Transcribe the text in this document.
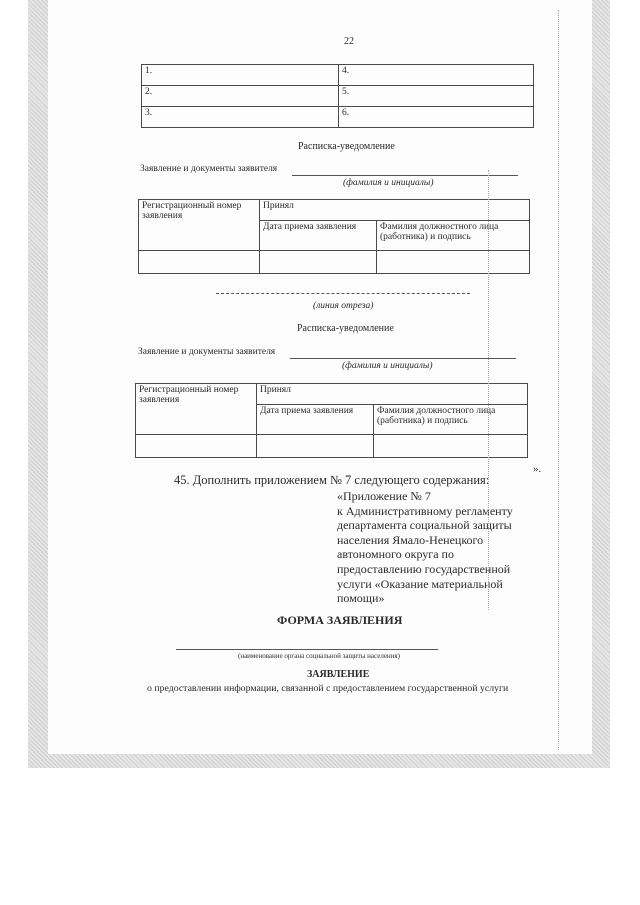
22
1.	4.
2.	5.
3.	6.
Расписка-уведомление
Заявление и документы заявителя
(фамилия и инициалы)
Регистрационный номер заявления	Принял	
	Дата приема заявления	Фамилия должностного лица (работника) и подпись

(линия отреза)
Расписка-уведомление
Заявление и документы заявителя
(фамилия и инициалы)
Регистрационный номер заявления	Принял	
	Дата приема заявления	Фамилия должностного лица (работника) и подпись

».
45. Дополнить приложением № 7 следующего содержания:
«Приложение № 7
к Административному регламенту
департамента социальной защиты
населения Ямало-Ненецкого
автономного округа по
предоставлению государственной
услуги «Оказание материальной
помощи»
ФОРМА ЗАЯВЛЕНИЯ
(наименование органа социальной защиты населения)
ЗАЯВЛЕНИЕ
о предоставлении информации, связанной с предоставлением государственной услуги
